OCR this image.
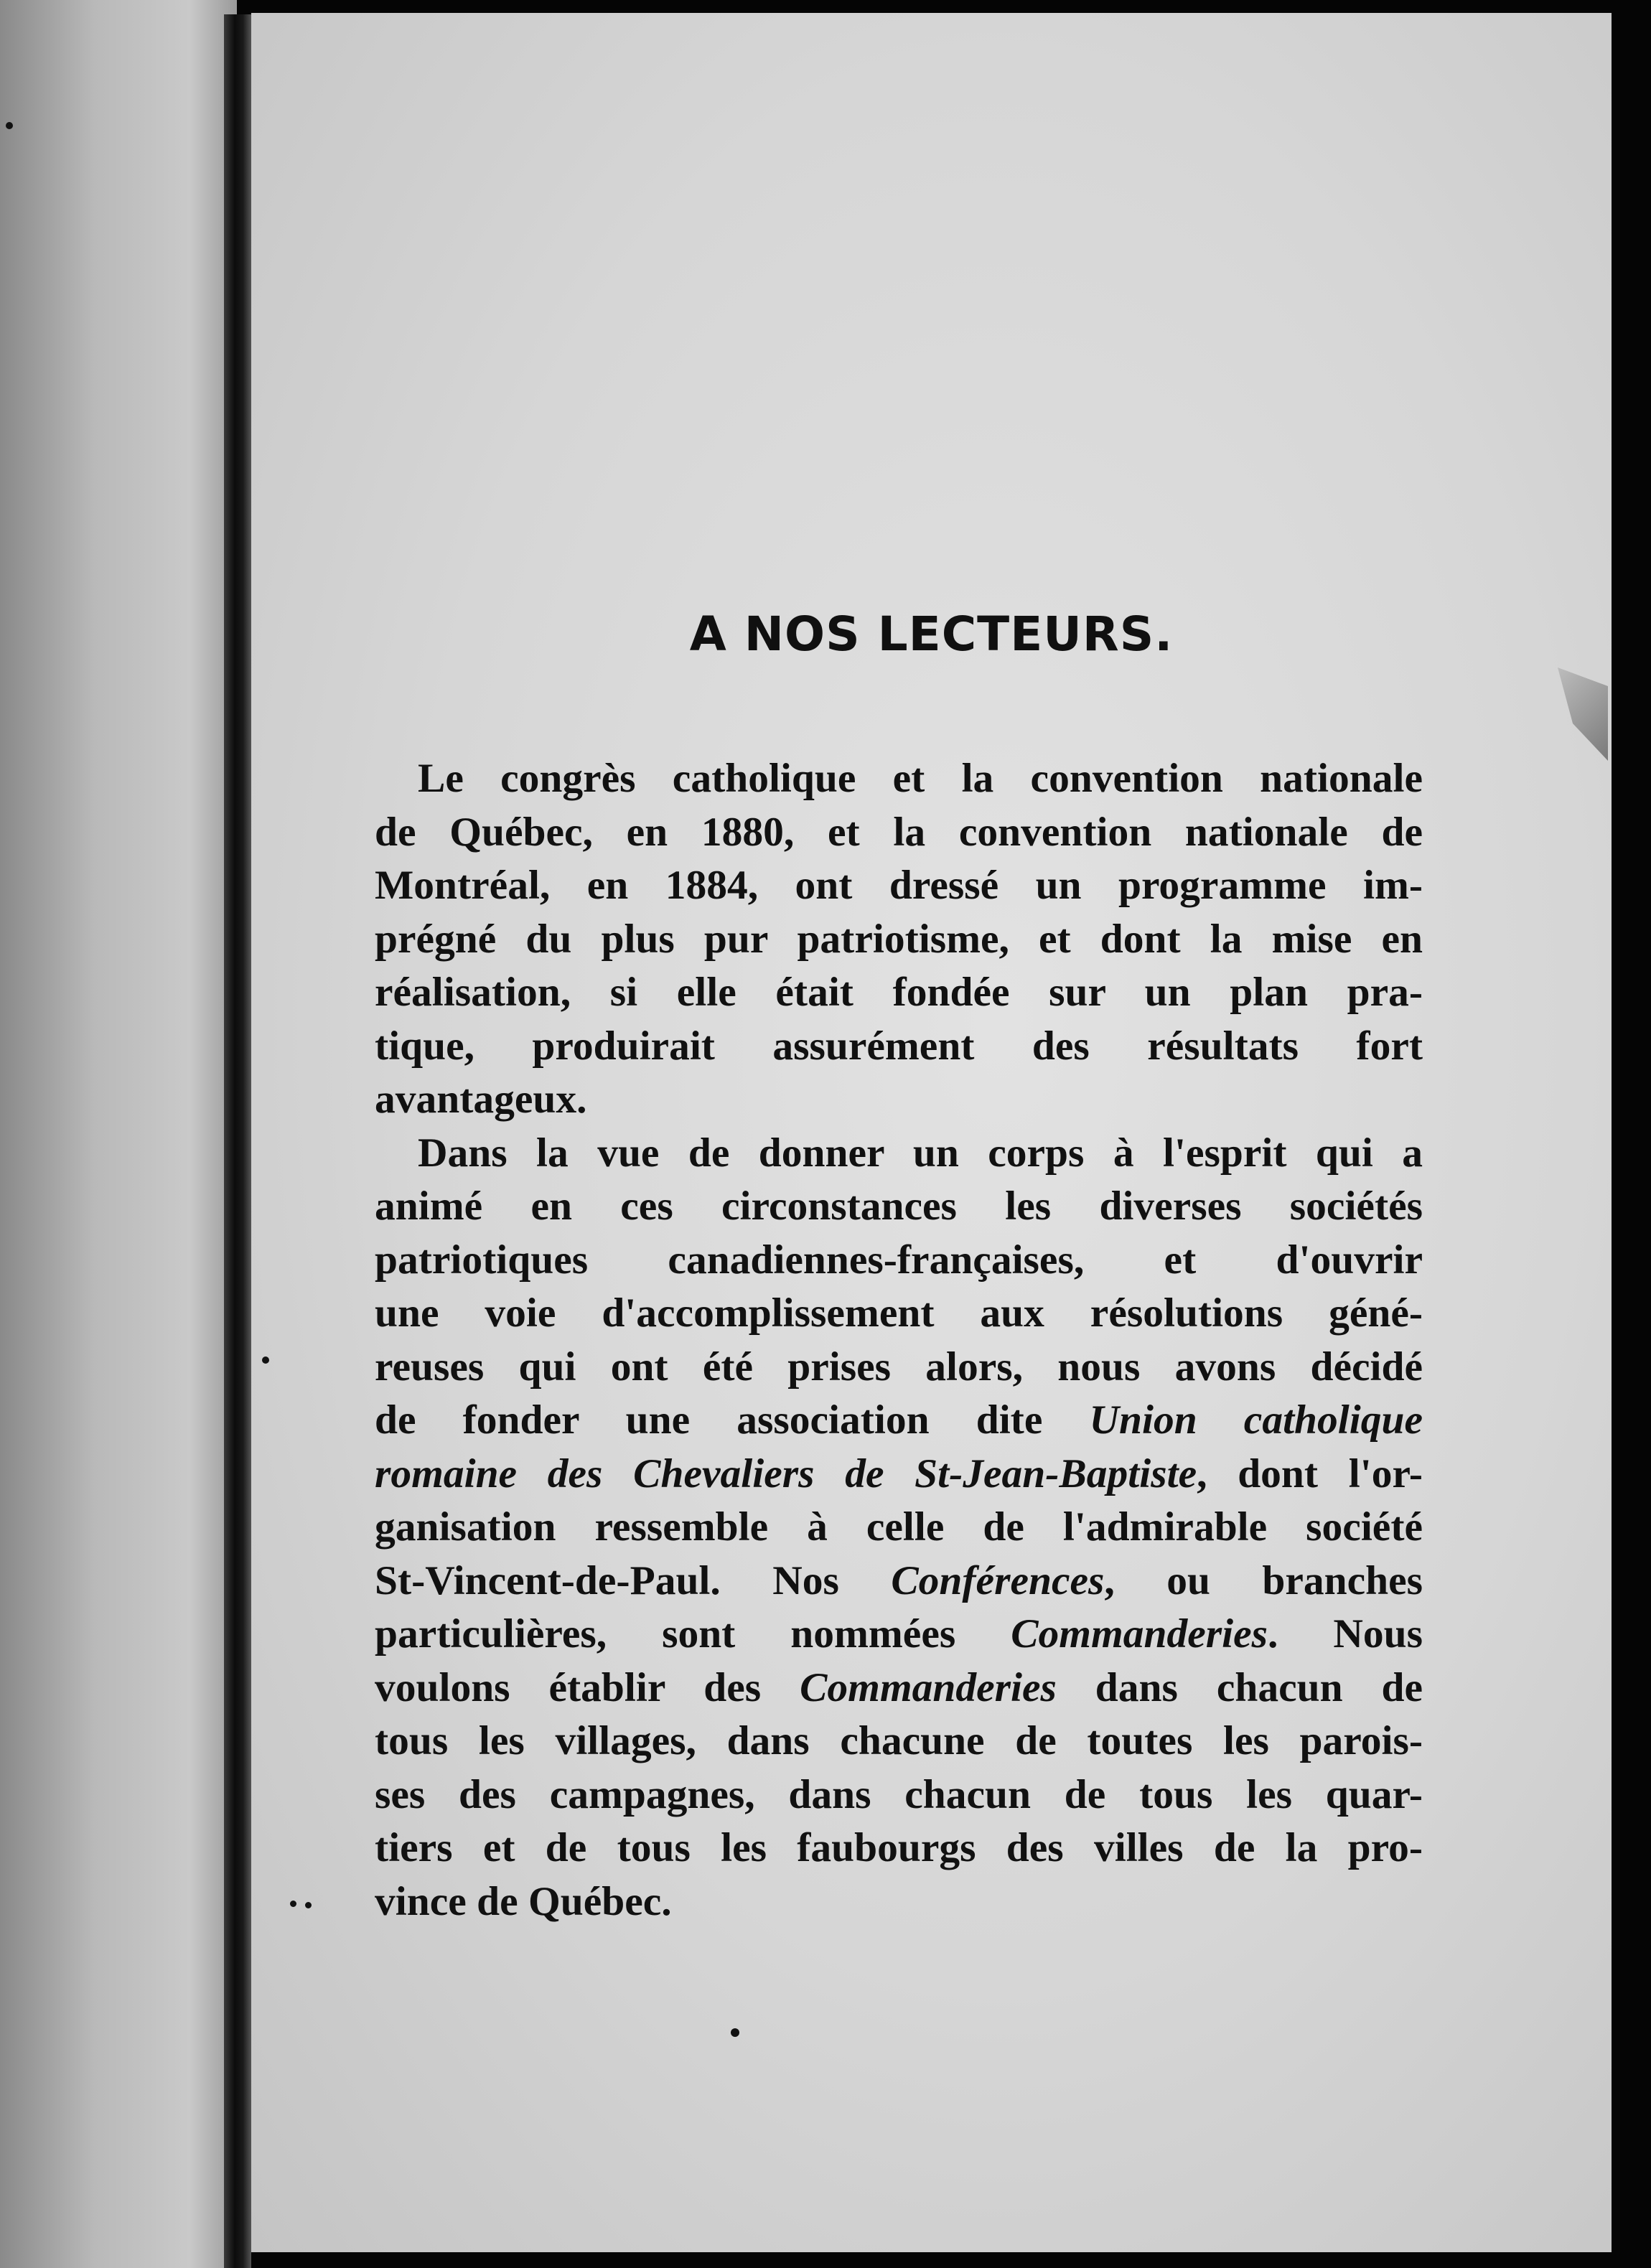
A NOS LECTEURS.
Le congrès catholique et la convention nationale
de Québec, en 1880, et la convention nationale de
Montréal, en 1884, ont dressé un programme im-
prégné du plus pur patriotisme, et dont la mise en
réalisation, si elle était fondée sur un plan pra-
tique, produirait assurément des résultats fort
avantageux.
Dans la vue de donner un corps à l'esprit qui a
animé en ces circonstances les diverses sociétés
patriotiques canadiennes-françaises, et d'ouvrir
une voie d'accomplissement aux résolutions géné-
reuses qui ont été prises alors, nous avons décidé
de fonder une association dite Union catholique
romaine des Chevaliers de St-Jean-Baptiste, dont l'or-
ganisation ressemble à celle de l'admirable société
St-Vincent-de-Paul. Nos Conférences, ou branches
particulières, sont nommées Commanderies. Nous
voulons établir des Commanderies dans chacun de
tous les villages, dans chacune de toutes les parois-
ses des campagnes, dans chacun de tous les quar-
tiers et de tous les faubourgs des villes de la pro-
vince de Québec.
